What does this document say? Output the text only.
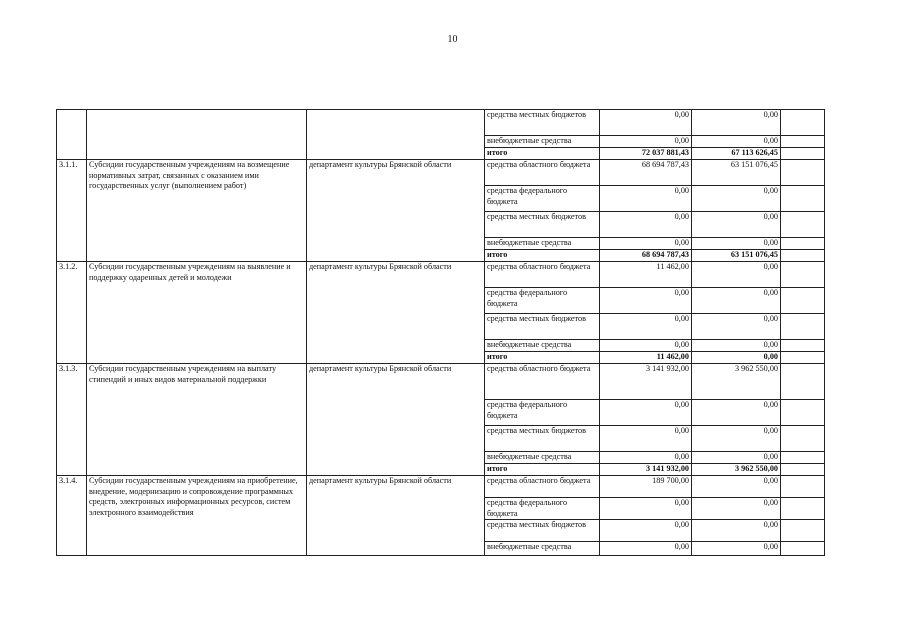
10
			средства местных бюджетов	0,00	0,00	
			внебюджетные средства	0,00	0,00	
			итого	72 037 881,43	67 113 626,45	
3.1.1.	Субсидии государственным учреждениям на возмещение нормативных затрат, связанных с оказанием ими государственных услуг (выполнением работ)	департамент культуры Брянской области	средства областного бюджета	68 694 787,43	63 151 076,45	
			средства федерального бюджета	0,00	0,00	
			средства местных бюджетов	0,00	0,00	
			внебюджетные средства	0,00	0,00	
			итого	68 694 787,43	63 151 076,45	
3.1.2.	Субсидии государственным учреждениям на выявление и поддержку одаренных детей и молодежи	департамент культуры Брянской области	средства областного бюджета	11 462,00	0,00	
			средства федерального бюджета	0,00	0,00	
			средства местных бюджетов	0,00	0,00	
			внебюджетные средства	0,00	0,00	
			итого	11 462,00	0,00	
3.1.3.	Субсидии государственным учреждениям на выплату стипендий и иных видов материальной поддержки	департамент культуры Брянской области	средства областного бюджета	3 141 932,00	3 962 550,00	
			средства федерального бюджета	0,00	0,00	
			средства местных бюджетов	0,00	0,00	
			внебюджетные средства	0,00	0,00	
			итого	3 141 932,00	3 962 550,00	
3.1.4.	Субсидии государственным учреждениям на приобретение, внедрение, модернизацию и сопровождение программных средств, электронных информационных ресурсов, систем электронного взаимодействия	департамент культуры Брянской области	средства областного бюджета	189 700,00	0,00	
			средства федерального бюджета	0,00	0,00	
			средства местных бюджетов	0,00	0,00	
			внебюджетные средства	0,00	0,00	
